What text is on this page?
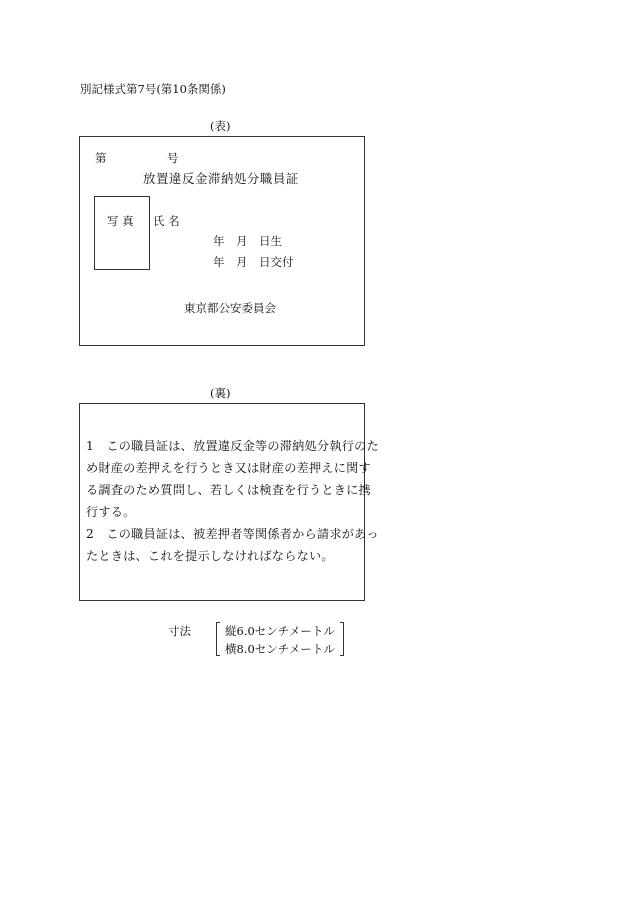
別記様式第7号(第10条関係)
(表)
第	号
放置違反金滞納処分職員証
写 真 氏 名
年　月　日生
年　月　日交付
東京都公安委員会
(裏)
1　この職員証は、放置違反金等の滞納処分執行のた
め財産の差押えを行うとき又は財産の差押えに関す
る調査のため質問し、若しくは検査を行うときに携
行する。
2　この職員証は、被差押者等関係者から請求があっ
たときは、これを提示しなければならない。
寸法	縦6.0センチメートル
横8.0センチメートル
